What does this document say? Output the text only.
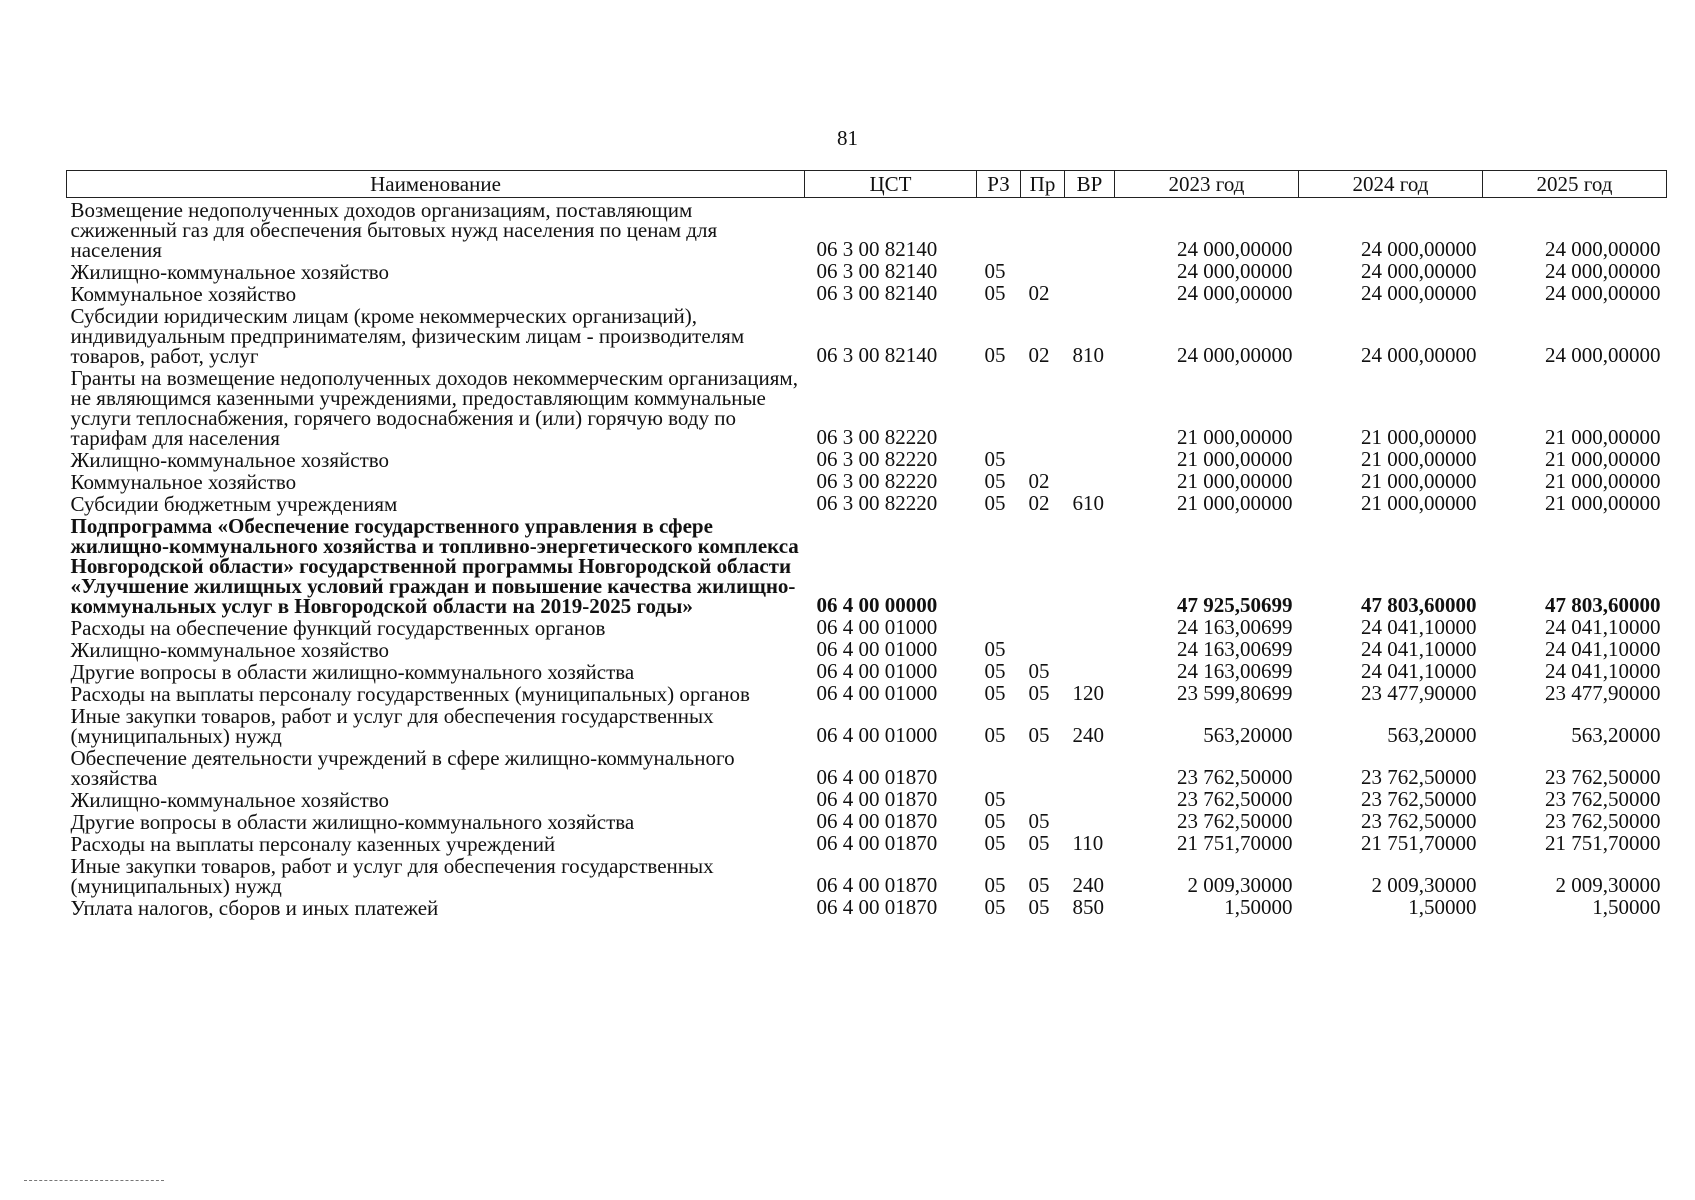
81
Наименование	ЦСТ	РЗ	Пр	ВР	2023 год	2024 год	2025 год
Возмещение недополученных доходов организациям, поставляющим сжиженный газ для обеспечения бытовых нужд населения по ценам для населения	06 3 00 82140				24 000,00000	24 000,00000	24 000,00000
Жилищно-коммунальное хозяйство	06 3 00 82140	05			24 000,00000	24 000,00000	24 000,00000
Коммунальное хозяйство	06 3 00 82140	05	02		24 000,00000	24 000,00000	24 000,00000
Субсидии юридическим лицам (кроме некоммерческих организаций), индивидуальным предпринимателям, физическим лицам - производителям товаров, работ, услуг	06 3 00 82140	05	02	810	24 000,00000	24 000,00000	24 000,00000
Гранты на возмещение недополученных доходов некоммерческим организациям, не являющимся казенными учреждениями, предоставляющим коммунальные услуги теплоснабжения, горячего водоснабжения и (или) горячую воду по тарифам для населения	06 3 00 82220				21 000,00000	21 000,00000	21 000,00000
Жилищно-коммунальное хозяйство	06 3 00 82220	05			21 000,00000	21 000,00000	21 000,00000
Коммунальное хозяйство	06 3 00 82220	05	02		21 000,00000	21 000,00000	21 000,00000
Субсидии бюджетным учреждениям	06 3 00 82220	05	02	610	21 000,00000	21 000,00000	21 000,00000
Подпрограмма «Обеспечение государственного управления в сфере жилищно-коммунального хозяйства и топливно-энергетического комплекса Новгородской области» государственной программы Новгородской области «Улучшение жилищных условий граждан и повышение качества жилищно-коммунальных услуг в Новгородской области на 2019-2025 годы»	06 4 00 00000				47 925,50699	47 803,60000	47 803,60000
Расходы на обеспечение функций государственных органов	06 4 00 01000				24 163,00699	24 041,10000	24 041,10000
Жилищно-коммунальное хозяйство	06 4 00 01000	05			24 163,00699	24 041,10000	24 041,10000
Другие вопросы в области жилищно-коммунального хозяйства	06 4 00 01000	05	05		24 163,00699	24 041,10000	24 041,10000
Расходы на выплаты персоналу государственных (муниципальных) органов	06 4 00 01000	05	05	120	23 599,80699	23 477,90000	23 477,90000
Иные закупки товаров, работ и услуг для обеспечения государственных (муниципальных) нужд	06 4 00 01000	05	05	240	563,20000	563,20000	563,20000
Обеспечение деятельности учреждений в сфере жилищно-коммунального хозяйства	06 4 00 01870				23 762,50000	23 762,50000	23 762,50000
Жилищно-коммунальное хозяйство	06 4 00 01870	05			23 762,50000	23 762,50000	23 762,50000
Другие вопросы в области жилищно-коммунального хозяйства	06 4 00 01870	05	05		23 762,50000	23 762,50000	23 762,50000
Расходы на выплаты персоналу казенных учреждений	06 4 00 01870	05	05	110	21 751,70000	21 751,70000	21 751,70000
Иные закупки товаров, работ и услуг для обеспечения государственных (муниципальных) нужд	06 4 00 01870	05	05	240	2 009,30000	2 009,30000	2 009,30000
Уплата налогов, сборов и иных платежей	06 4 00 01870	05	05	850	1,50000	1,50000	1,50000
